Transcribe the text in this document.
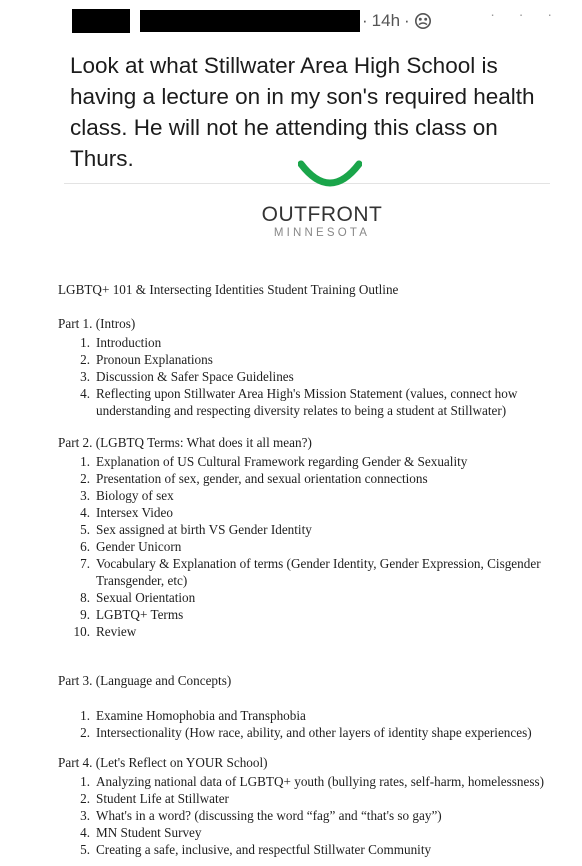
· 14h ·	· · ·
Look at what Stillwater Area High School is having a lecture on in my son's required health class. He will not he attending this class on Thurs.
OUTFRONT
MINNESOTA
LGBTQ+ 101 & Intersecting Identities Student Training Outline
Part 1. (Intros)
1. Introduction
2. Pronoun Explanations
3. Discussion & Safer Space Guidelines
4. Reflecting upon Stillwater Area High's Mission Statement (values, connect how
understanding and respecting diversity relates to being a student at Stillwater)
Part 2. (LGBTQ Terms: What does it all mean?)
1. Explanation of US Cultural Framework regarding Gender & Sexuality
2. Presentation of sex, gender, and sexual orientation connections
3. Biology of sex
4. Intersex Video
5. Sex assigned at birth VS Gender Identity
6. Gender Unicorn
7. Vocabulary & Explanation of terms (Gender Identity, Gender Expression, Cisgender
Transgender, etc)
8. Sexual Orientation
9. LGBTQ+ Terms
10. Review
Part 3. (Language and Concepts)
1. Examine Homophobia and Transphobia
2. Intersectionality (How race, ability, and other layers of identity shape experiences)
Part 4. (Let's Reflect on YOUR School)
1. Analyzing national data of LGBTQ+ youth (bullying rates, self-harm, homelessness)
2. Student Life at Stillwater
3. What's in a word? (discussing the word “fag” and “that's so gay”)
4. MN Student Survey
5. Creating a safe, inclusive, and respectful Stillwater Community
